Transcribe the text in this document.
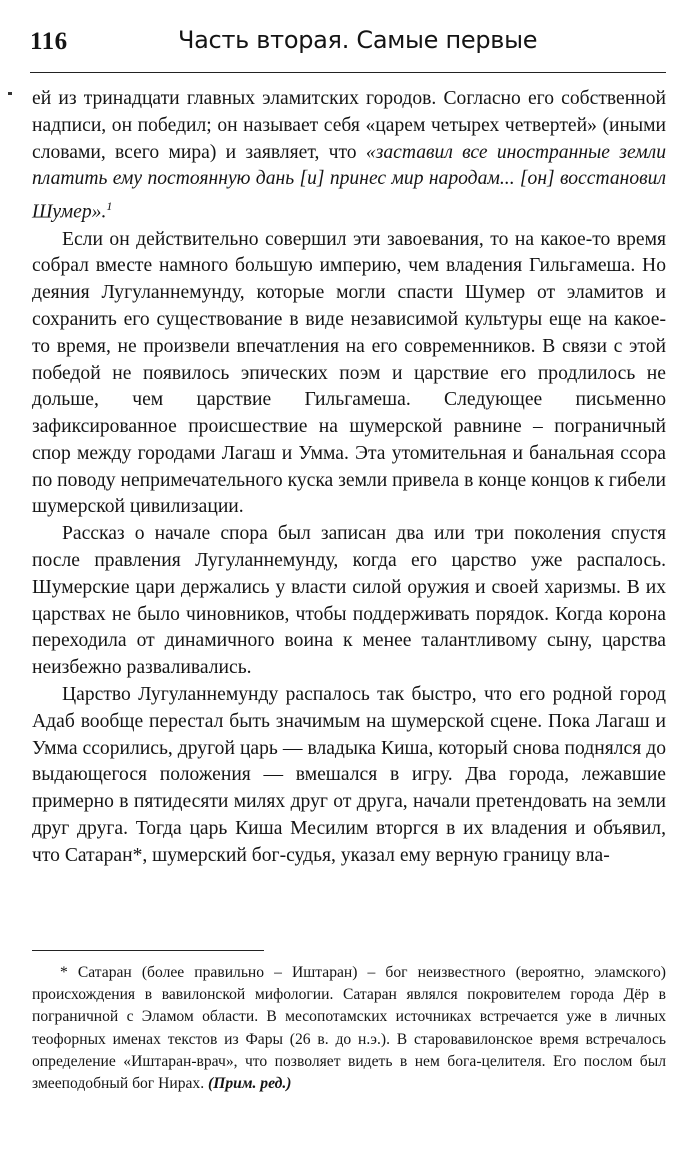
116	Часть вторая. Самые первые

ей из тринадцати главных эламитских городов. Согласно его собственной надписи, он победил; он называет себя «царем четырех четвертей» (иными словами, всего мира) и заявляет, что «заставил все иностранные земли платить ему постоянную дань [и] принес мир народам... [он] восстановил Шумер».$^1$

Если он действительно совершил эти завоевания, то на какое-то время собрал вместе намного большую империю, чем владения Гильгамеша. Но деяния Лугуланнемунду, которые могли спасти Шумер от эламитов и сохранить его существование в виде независимой культуры еще на какое-то время, не произвели впечатления на его современников. В связи с этой победой не появилось эпических поэм и царствие его продлилось не дольше, чем царствие Гильгамеша. Следующее письменно зафиксированное происшествие на шумерской равнине – пограничный спор между городами Лагаш и Умма. Эта утомительная и банальная ссора по поводу непримечательного куска земли привела в конце концов к гибели шумерской цивилизации.

Рассказ о начале спора был записан два или три поколения спустя после правления Лугуланнемунду, когда его царство уже распалось. Шумерские цари держались у власти силой оружия и своей харизмы. В их царствах не было чиновников, чтобы поддерживать порядок. Когда корона переходила от динамичного воина к менее талантливому сыну, царства неизбежно разваливались.

Царство Лугуланнемунду распалось так быстро, что его родной город Адаб вообще перестал быть значимым на шумерской сцене. Пока Лагаш и Умма ссорились, другой царь — владыка Киша, который снова поднялся до выдающегося положения — вмешался в игру. Два города, лежавшие примерно в пятидесяти милях друг от друга, начали претендовать на земли друг друга. Тогда царь Киша Месилим вторгся в их владения и объявил, что Сатаран*, шумерский бог-судья, указал ему верную границу вла-

* Сатаран (более правильно – Иштаран) – бог неизвестного (вероятно, эламского) происхождения в вавилонской мифологии. Сатаран являлся покровителем города Дёр в пограничной с Эламом области. В месопотамских источниках встречается уже в личных теофорных именах текстов из Фары (26 в. до н.э.). В старовавилонское время встречалось определение «Иштаран-врач», что позволяет видеть в нем бога-целителя. Его послом был змееподобный бог Нирах. (Прим. ред.)
